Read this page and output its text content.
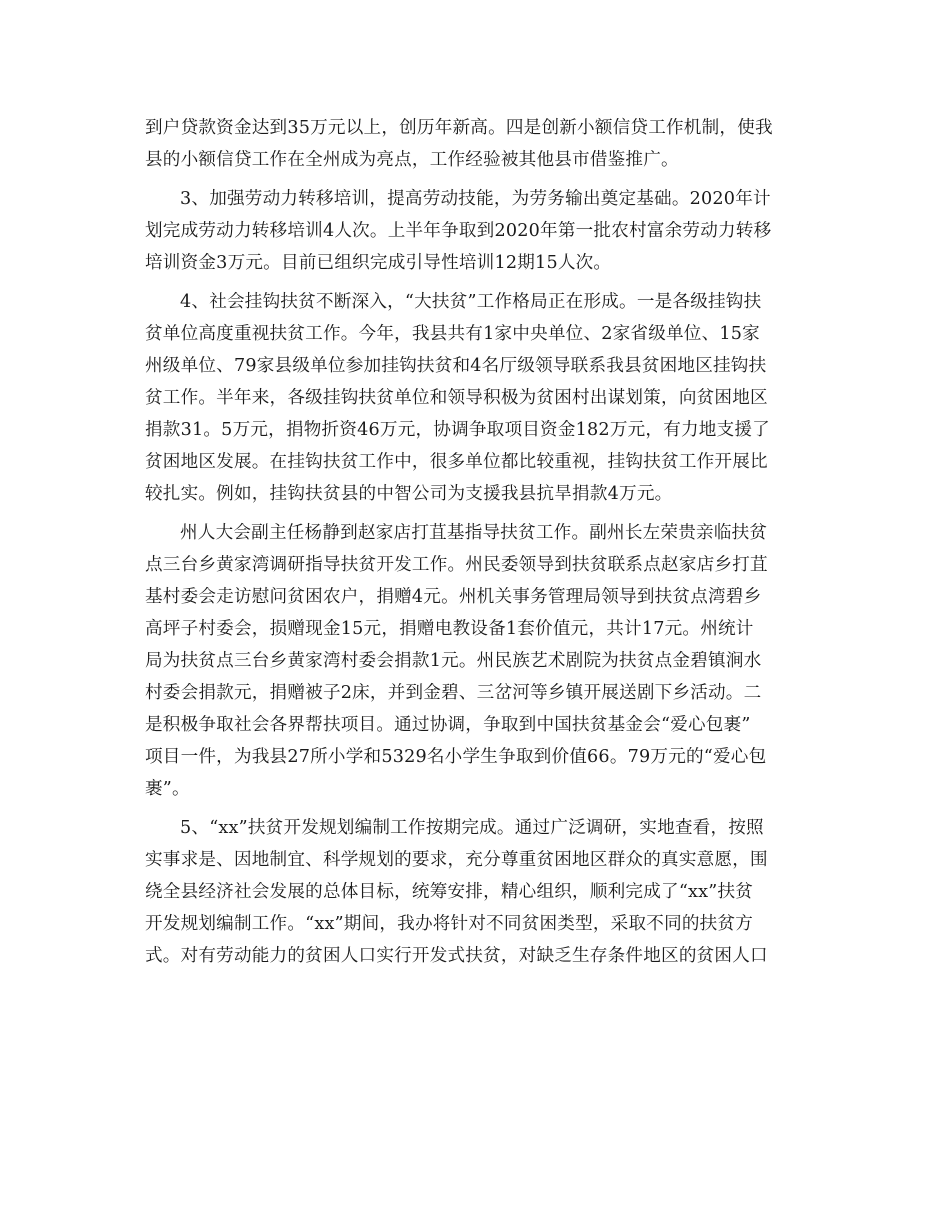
到户贷款资金达到35万元以上，创历年新高。四是创新小额信贷工作机制，使我
县的小额信贷工作在全州成为亮点，工作经验被其他县市借鉴推广。
3、加强劳动力转移培训，提高劳动技能，为劳务输出奠定基础。2020年计
划完成劳动力转移培训4人次。上半年争取到2020年第一批农村富余劳动力转移
培训资金3万元。目前已组织完成引导性培训12期15人次。
4、社会挂钩扶贫不断深入，“大扶贫”工作格局正在形成。一是各级挂钩扶
贫单位高度重视扶贫工作。今年，我县共有1家中央单位、2家省级单位、15家
州级单位、79家县级单位参加挂钩扶贫和4名厅级领导联系我县贫困地区挂钩扶
贫工作。半年来，各级挂钩扶贫单位和领导积极为贫困村出谋划策，向贫困地区
捐款31。5万元，捐物折资46万元，协调争取项目资金182万元，有力地支援了
贫困地区发展。在挂钩扶贫工作中，很多单位都比较重视，挂钩扶贫工作开展比
较扎实。例如，挂钩扶贫县的中智公司为支援我县抗旱捐款4万元。
州人大会副主任杨静到赵家店打苴基指导扶贫工作。副州长左荣贵亲临扶贫
点三台乡黄家湾调研指导扶贫开发工作。州民委领导到扶贫联系点赵家店乡打苴
基村委会走访慰问贫困农户，捐赠4元。州机关事务管理局领导到扶贫点湾碧乡
高坪子村委会，损赠现金15元，捐赠电教设备1套价值元，共计17元。州统计
局为扶贫点三台乡黄家湾村委会捐款1元。州民族艺术剧院为扶贫点金碧镇涧水
村委会捐款元，捐赠被子2床，并到金碧、三岔河等乡镇开展送剧下乡活动。二
是积极争取社会各界帮扶项目。通过协调，争取到中国扶贫基金会“爱心包裹”
项目一件，为我县27所小学和5329名小学生争取到价值66。79万元的“爱心包
裹”。
5、“xx”扶贫开发规划编制工作按期完成。通过广泛调研，实地查看，按照
实事求是、因地制宜、科学规划的要求，充分尊重贫困地区群众的真实意愿，围
绕全县经济社会发展的总体目标，统筹安排，精心组织，顺利完成了“xx”扶贫
开发规划编制工作。“xx”期间，我办将针对不同贫困类型，采取不同的扶贫方
式。对有劳动能力的贫困人口实行开发式扶贫，对缺乏生存条件地区的贫困人口
